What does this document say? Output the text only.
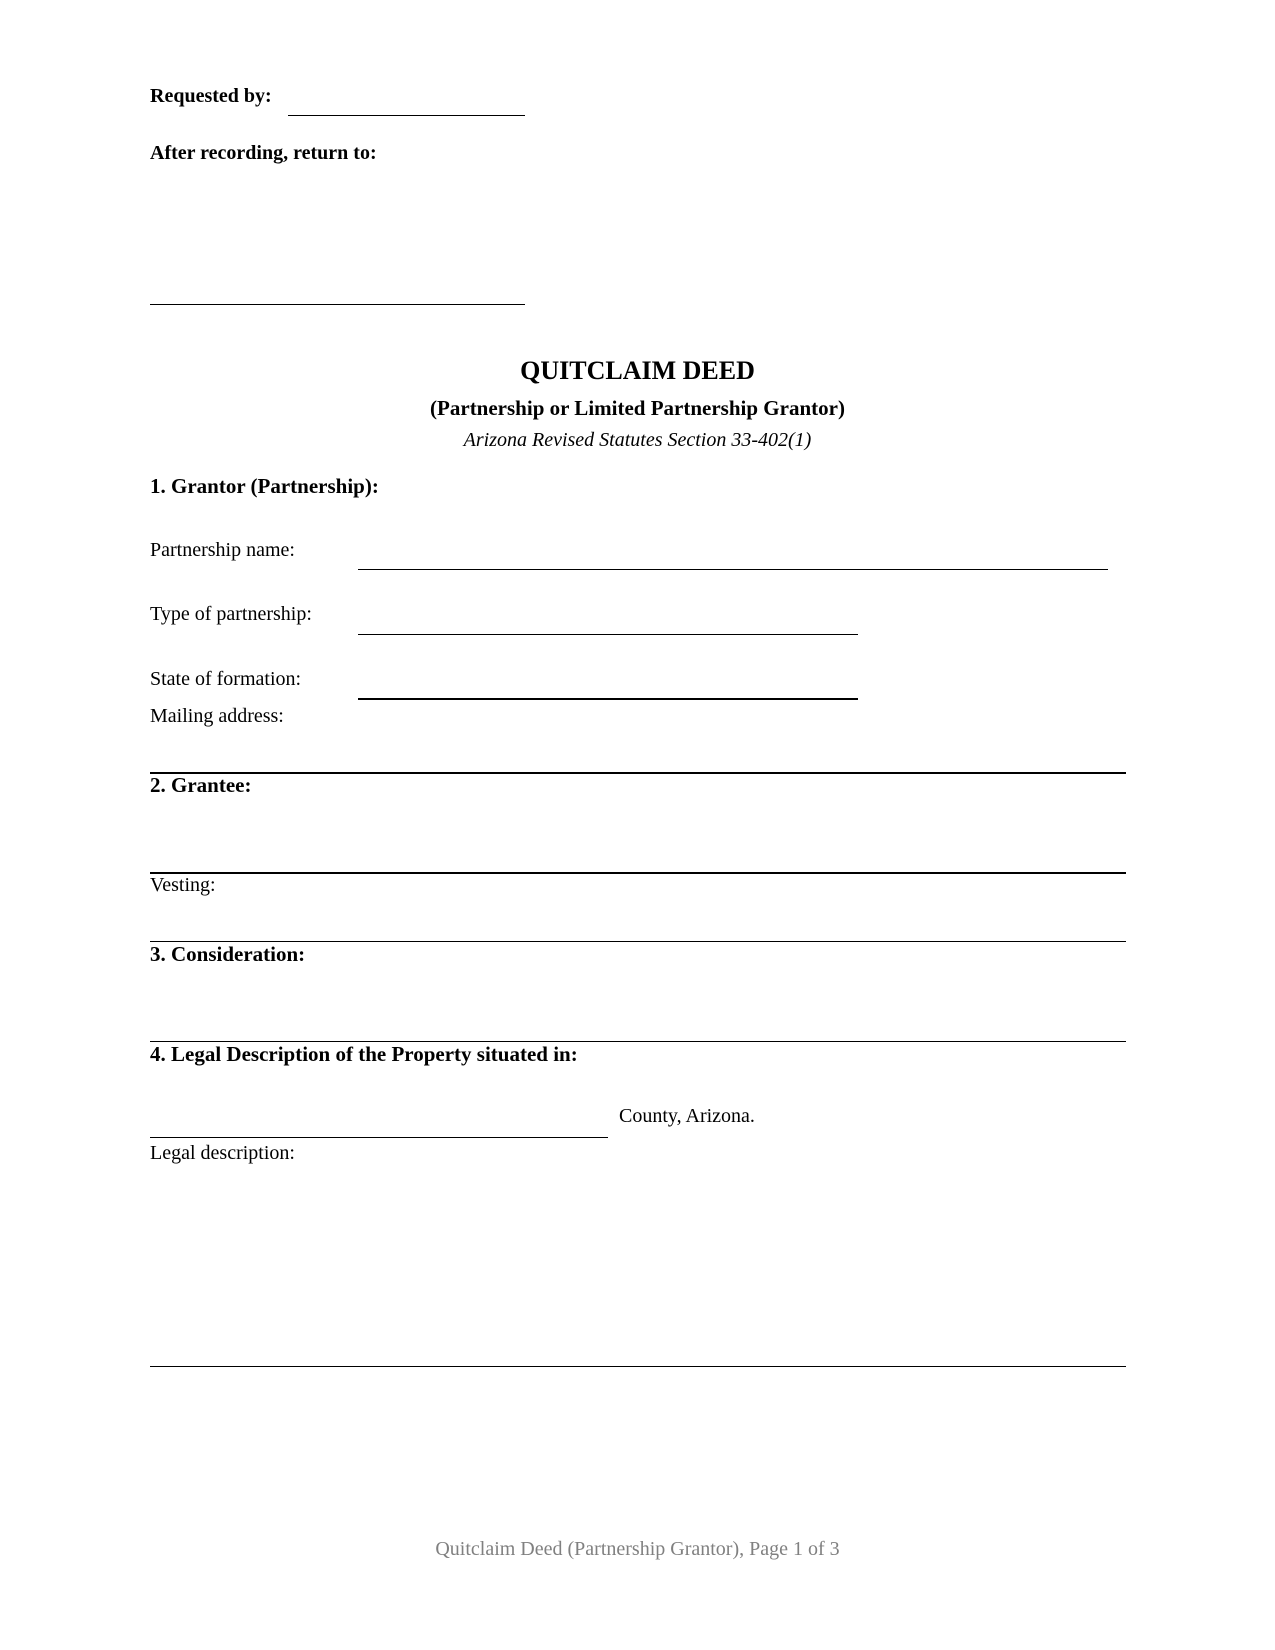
Requested by:
After recording, return to:
QUITCLAIM DEED
(Partnership or Limited Partnership Grantor)
Arizona Revised Statutes Section 33-402(1)
1. Grantor (Partnership):
Partnership name:
Type of partnership:
State of formation:
Mailing address:
2. Grantee:
Vesting:
3. Consideration:
4. Legal Description of the Property situated in:
County, Arizona.
Legal description:
Quitclaim Deed (Partnership Grantor), Page 1 of 3
